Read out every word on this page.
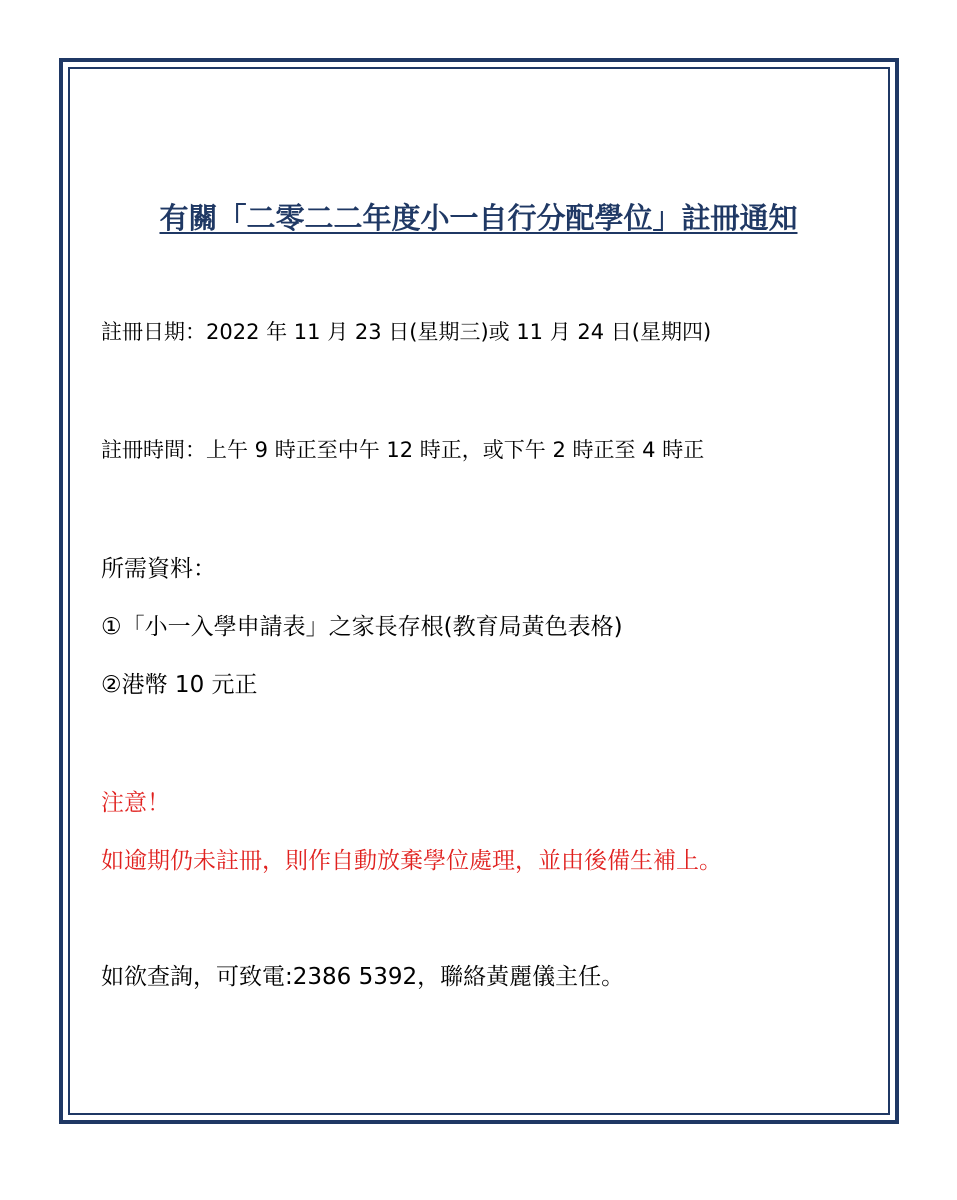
有關「二零二二年度小一自行分配學位」註冊通知
註冊日期：2022 年 11 月 23 日(星期三)或 11 月 24 日(星期四)
註冊時間：上午 9 時正至中午 12 時正，或下午 2 時正至 4 時正
所需資料：
①「小一入學申請表」之家長存根(教育局黃色表格)
②港幣 10 元正
注意！
如逾期仍未註冊，則作自動放棄學位處理，並由後備生補上。
如欲查詢，可致電:2386 5392，聯絡黃麗儀主任。
